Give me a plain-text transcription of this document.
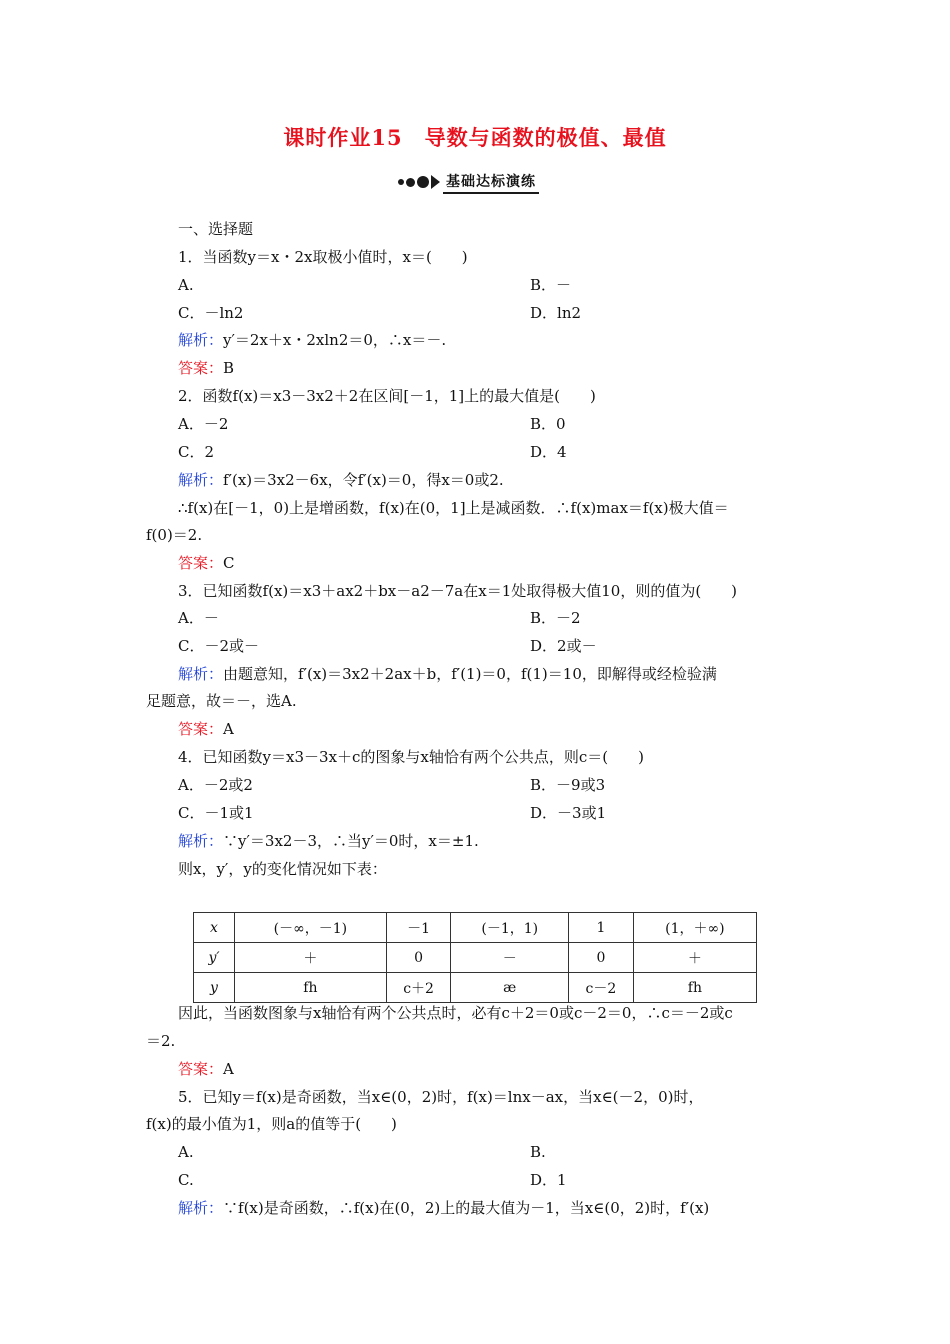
课时作业15　导数与函数的极值、最值
基础达标演练
一、选择题
1．当函数y＝x・2x取极小值时，x＝(　　)
A.	B．－
C．－ln2	D．ln2
解析：y′＝2x＋x・2xln2＝0，∴x＝－.
答案：B
2．函数f(x)＝x3－3x2＋2在区间[－1，1]上的最大值是(　　)
A．－2	B．0
C．2	D．4
解析：f′(x)＝3x2－6x，令f′(x)＝0，得x＝0或2.
∴f(x)在[－1，0)上是增函数，f(x)在(0，1]上是减函数．∴f(x)max＝f(x)极大值＝
f(0)＝2.
答案：C
3．已知函数f(x)＝x3＋ax2＋bx－a2－7a在x＝1处取得极大值10，则的值为(　　)
A．－	B．－2
C．－2或－	D．2或－
解析：由题意知，f′(x)＝3x2＋2ax＋b，f′(1)＝0，f(1)＝10，即解得或经检验满
足题意，故＝－，选A.
答案：A
4．已知函数y＝x3－3x＋c的图象与x轴恰有两个公共点，则c＝(　　)
A．－2或2	B．－9或3
C．－1或1	D．－3或1
解析：∵y′＝3x2－3，∴当y′＝0时，x＝±1.
则x，y′，y的变化情况如下表：
x	(－∞，－1)	－1	(－1，1)	1	(1，＋∞)
y′	＋	0	－	0	＋
y	fh	c＋2	æ	c－2	fh
因此，当函数图象与x轴恰有两个公共点时，必有c＋2＝0或c－2＝0，∴c＝－2或c
＝2.
答案：A
5．已知y＝f(x)是奇函数，当x∈(0，2)时，f(x)＝lnx－ax，当x∈(－2，0)时，
f(x)的最小值为1，则a的值等于(　　)
A.	B.
C.	D．1
解析：∵f(x)是奇函数，∴f(x)在(0，2)上的最大值为－1，当x∈(0，2)时，f′(x)
